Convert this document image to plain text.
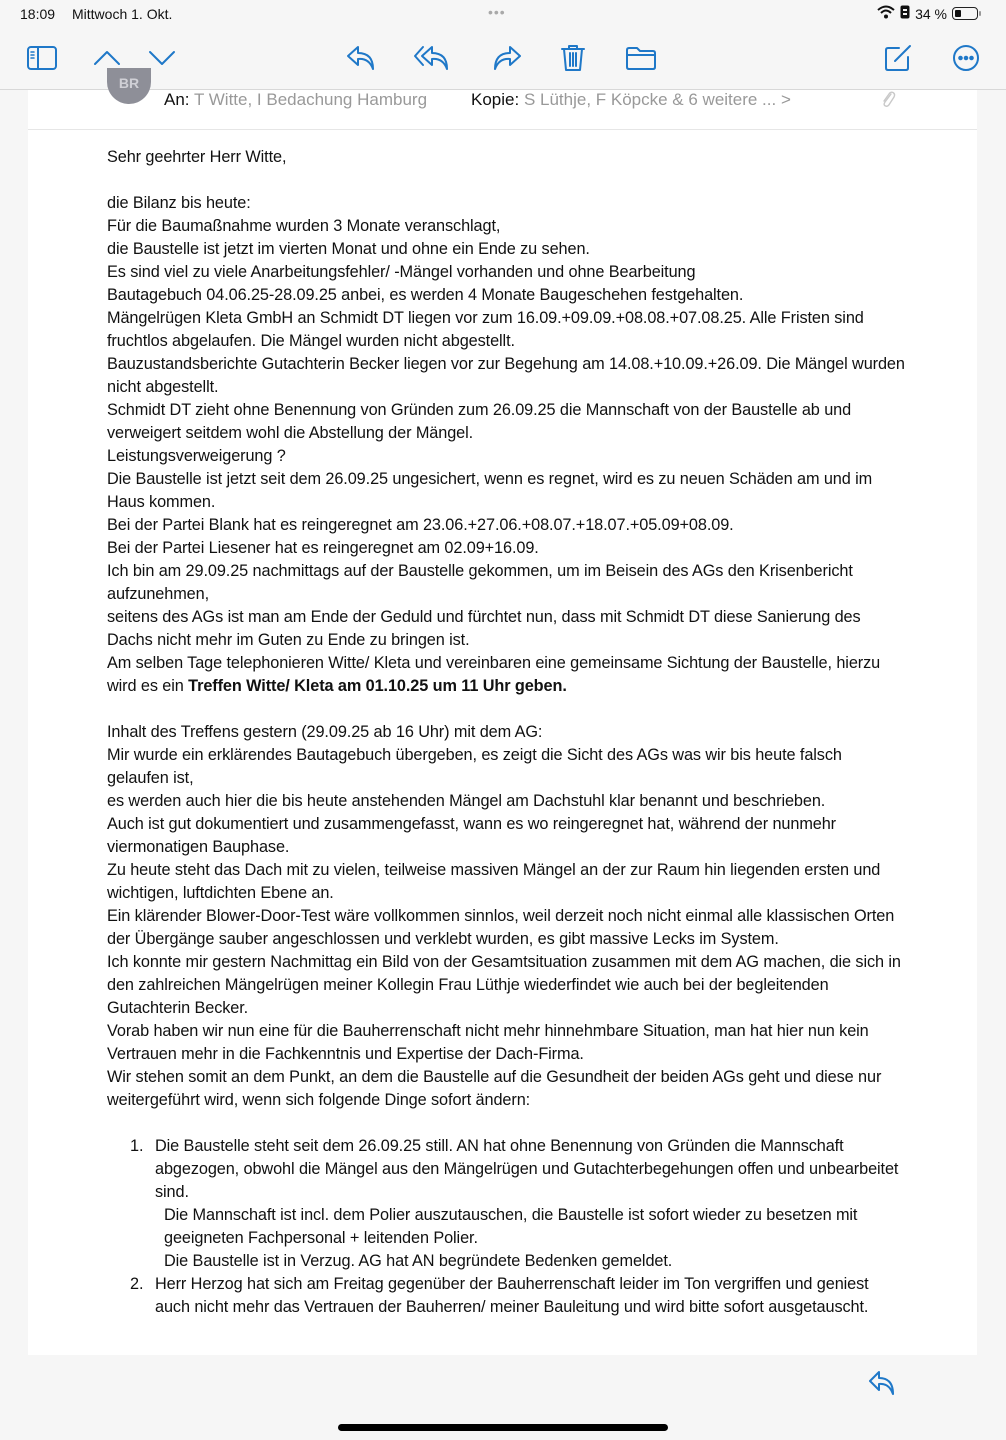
18:09 Mittwoch 1. Okt.	•••	34 %
BR
An: T Witte, I Bedachung Hamburg	Kopie: S Lüthje, F Köpcke & 6 weitere ... >

Sehr geehrter Herr Witte,

die Bilanz bis heute:

Für die Baumaßnahme wurden 3 Monate veranschlagt,

die Baustelle ist jetzt im vierten Monat und ohne ein Ende zu sehen.

Es sind viel zu viele Anarbeitungsfehler/ -Mängel vorhanden und ohne Bearbeitung

Bautagebuch 04.06.25-28.09.25 anbei, es werden 4 Monate Baugeschehen festgehalten.

Mängelrügen Kleta GmbH an Schmidt DT liegen vor zum 16.09.+09.09.+08.08.+07.08.25. Alle Fristen sind fruchtlos abgelaufen. Die Mängel wurden nicht abgestellt.

Bauzustandsberichte Gutachterin Becker liegen vor zur Begehung am 14.08.+10.09.+26.09. Die Mängel wurden nicht abgestellt.

Schmidt DT zieht ohne Benennung von Gründen zum 26.09.25 die Mannschaft von der Baustelle ab und verweigert seitdem wohl die Abstellung der Mängel.

Leistungsverweigerung ?

Die Baustelle ist jetzt seit dem 26.09.25 ungesichert, wenn es regnet, wird es zu neuen Schäden am und im Haus kommen.

Bei der Partei Blank hat es reingeregnet am 23.06.+27.06.+08.07.+18.07.+05.09+08.09.

Bei der Partei Liesener hat es reingeregnet am 02.09+16.09.

Ich bin am 29.09.25 nachmittags auf der Baustelle gekommen, um im Beisein des AGs den Krisenbericht aufzunehmen,

seitens des AGs ist man am Ende der Geduld und fürchtet nun, dass mit Schmidt DT diese Sanierung des Dachs nicht mehr im Guten zu Ende zu bringen ist.

Am selben Tage telephonieren Witte/ Kleta und vereinbaren eine gemeinsame Sichtung der Baustelle, hierzu wird es ein Treffen Witte/ Kleta am 01.10.25 um 11 Uhr geben.

Inhalt des Treffens gestern (29.09.25 ab 16 Uhr) mit dem AG:

Mir wurde ein erklärendes Bautagebuch übergeben, es zeigt die Sicht des AGs was wir bis heute falsch gelaufen ist,

es werden auch hier die bis heute anstehenden Mängel am Dachstuhl klar benannt und beschrieben.

Auch ist gut dokumentiert und zusammengefasst, wann es wo reingeregnet hat, während der nunmehr viermonatigen Bauphase.

Zu heute steht das Dach mit zu vielen, teilweise massiven Mängel an der zur Raum hin liegenden ersten und wichtigen, luftdichten Ebene an.

Ein klärender Blower-Door-Test wäre vollkommen sinnlos, weil derzeit noch nicht einmal alle klassischen Orten der Übergänge sauber angeschlossen und verklebt wurden, es gibt massive Lecks im System.

Ich konnte mir gestern Nachmittag ein Bild von der Gesamtsituation zusammen mit dem AG machen, die sich in den zahlreichen Mängelrügen meiner Kollegin Frau Lüthje wiederfindet wie auch bei der begleitenden Gutachterin Becker.

Vorab haben wir nun eine für die Bauherrenschaft nicht mehr hinnehmbare Situation, man hat hier nun kein Vertrauen mehr in die Fachkenntnis und Expertise der Dach-Firma.

Wir stehen somit an dem Punkt, an dem die Baustelle auf die Gesundheit der beiden AGs geht und diese nur weitergeführt wird, wenn sich folgende Dinge sofort ändern:

1. Die Baustelle steht seit dem 26.09.25 still. AN hat ohne Benennung von Gründen die Mannschaft abgezogen, obwohl die Mängel aus den Mängelrügen und Gutachterbegehungen offen und unbearbeitet sind.

Die Mannschaft ist incl. dem Polier auszutauschen, die Baustelle ist sofort wieder zu besetzen mit geeigneten Fachpersonal + leitenden Polier.

Die Baustelle ist in Verzug. AG hat AN begründete Bedenken gemeldet.

2. Herr Herzog hat sich am Freitag gegenüber der Bauherrenschaft leider im Ton vergriffen und geniest auch nicht mehr das Vertrauen der Bauherren/ meiner Bauleitung und wird bitte sofort ausgetauscht.
